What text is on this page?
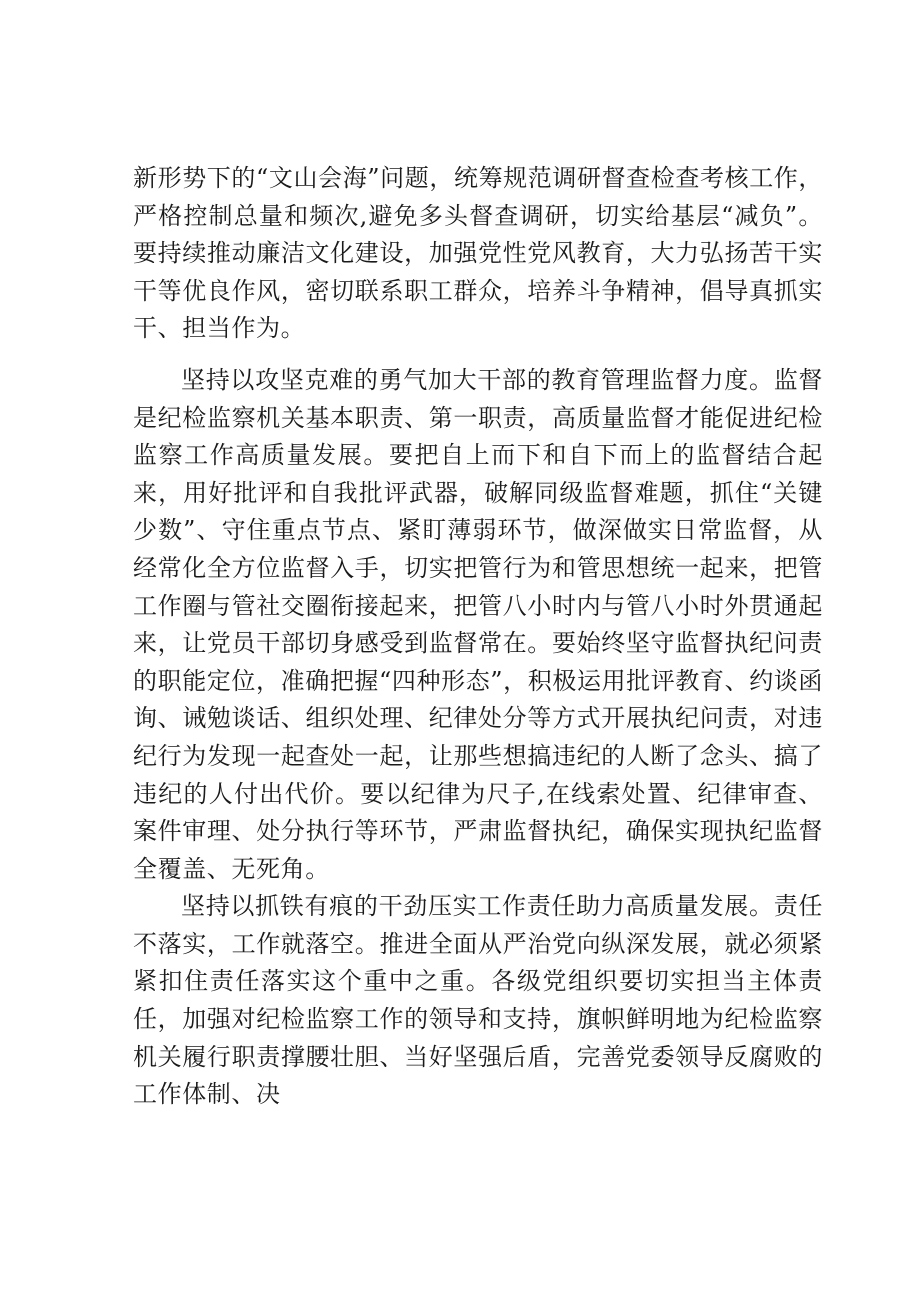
新形势下的“文山会海”问题，统筹规范调研督查检查考核工作，严格控制总量和频次,避免多头督查调研，切实给基层“减负”。要持续推动廉洁文化建设，加强党性党风教育，大力弘扬苦干实干等优良作风，密切联系职工群众，培养斗争精神，倡导真抓实干、担当作为。

坚持以攻坚克难的勇气加大干部的教育管理监督力度。监督是纪检监察机关基本职责、第一职责，高质量监督才能促进纪检监察工作高质量发展。要把自上而下和自下而上的监督结合起来，用好批评和自我批评武器，破解同级监督难题，抓住“关键少数”、守住重点节点、紧盯薄弱环节，做深做实日常监督，从经常化全方位监督入手，切实把管行为和管思想统一起来，把管工作圈与管社交圈衔接起来，把管八小时内与管八小时外贯通起来，让党员干部切身感受到监督常在。要始终坚守监督执纪问责的职能定位，准确把握“四种形态”，积极运用批评教育、约谈函询、诫勉谈话、组织处理、纪律处分等方式开展执纪问责，对违纪行为发现一起查处一起，让那些想搞违纪的人断了念头、搞了违纪的人付出代价。要以纪律为尺子,在线索处置、纪律审查、案件审理、处分执行等环节，严肃监督执纪，确保实现执纪监督全覆盖、无死角。

坚持以抓铁有痕的干劲压实工作责任助力高质量发展。责任不落实，工作就落空。推进全面从严治党向纵深发展，就必须紧紧扣住责任落实这个重中之重。各级党组织要切实担当主体责任，加强对纪检监察工作的领导和支持，旗帜鲜明地为纪检监察机关履行职责撑腰壮胆、当好坚强后盾，完善党委领导反腐败的工作体制、决
